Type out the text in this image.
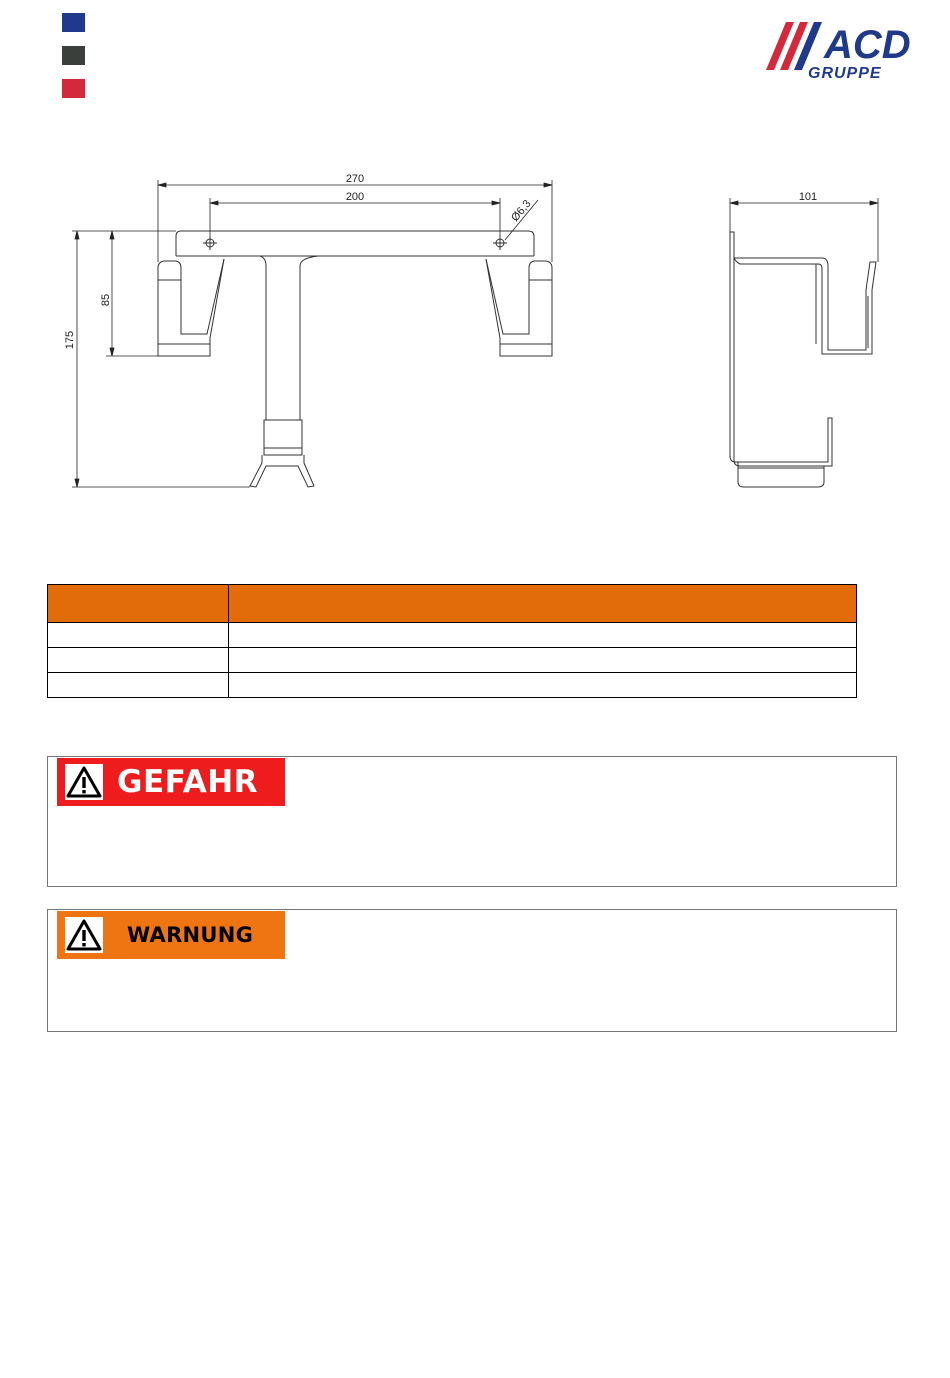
ACD
GRUPPE
270
200
Ø6,3
85
175
101

GEFAHR
WARNUNG
